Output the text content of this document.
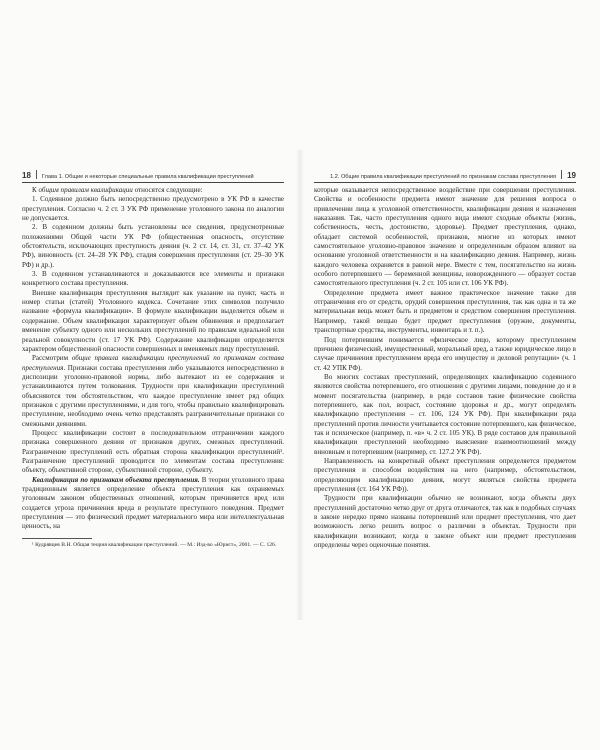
18 Глава 1. Общие и некоторые специальные правила квалификации преступлений

К общим правилам квалификации относятся следующие:

1. Содеянное должно быть непосредственно предусмотрено в УК РФ в качестве преступления. Согласно ч. 2 ст. 3 УК РФ применение уголовного закона по аналогии не допускается.

2. В содеянном должны быть установлены все сведения, предусмотренные положениями Общей части УК РФ (общественная опасность, отсутствие обстоятельств, исключающих преступность деяния (ч. 2 ст. 14, ст. 31, ст. 37–42 УК РФ), виновность (ст. 24–28 УК РФ), стадия совершения преступления (ст. 29–30 УК РФ) и др.).

3. В содеянном устанавливаются и доказываются все элементы и признаки конкретного состава преступления.

Внешне квалификация преступления выглядит как указание на пункт, часть и номер статьи (статей) Уголовного кодекса. Сочетание этих символов получило название «формула квалификации». В формуле квалификации выделяется объем и содержание. Объем квалификации характеризует объем обвинения и предполагает вменение субъекту одного или нескольких преступлений по правилам идеальной или реальной совокупности (ст. 17 УК РФ). Содержание квалификации определяется характером общественной опасности совершенных и вменяемых лицу преступлений.

Рассмотрим общие правила квалификации преступлений по признакам состава преступления. Признаки состава преступления либо указываются непосредственно в диспозиции уголовно-правовой нормы, либо вытекают из ее содержания и устанавливаются путем толкования. Трудности при квалификации преступлений объясняются тем обстоятельством, что каждое преступление имеет ряд общих признаков с другими преступлениями, и для того, чтобы правильно квалифицировать преступление, необходимо очень четко представлять разграничительные признаки со смежными деяниями.

Процесс квалификации состоит в последовательном отграничении каждого признака совершенного деяния от признаков других, смежных преступлений. Разграничение преступлений есть обратная сторона квалификации преступлений¹. Разграничение преступлений проводится по элементам состава преступления: объекту, объективной стороне, субъективной стороне, субъекту.

Квалификация по признакам объекта преступления. В теории уголовного права традиционным является определение объекта преступления как охраняемых уголовным законом общественных отношений, которым причиняется вред или создается угроза причинения вреда в результате преступного поведения. Предмет преступления — это физический предмет материального мира или интеллектуальная ценность, на

¹ Кудрявцев В.Н. Общая теория квалификации преступлений. — М.: Изд-во «Юрист», 2001. — С. 126.

1.2. Общие правила квалификации преступлений по признакам состава преступления 19

которые оказывается непосредственное воздействие при совершении преступления. Свойства и особенности предмета имеют значение для решения вопроса о привлечении лица к уголовной ответственности, квалификации деяния и назначения наказания. Так, часто преступления одного вида имеют сходные объекты (жизнь, собственность, честь, достоинство, здоровье). Предмет преступления, однако, обладает системой особенностей, признаков, многие из которых имеют самостоятельное уголовно-правовое значение и определенным образом влияют на основание уголовной ответственности и на квалификацию деяния. Например, жизнь каждого человека охраняется в равной мере. Вместе с тем, посягательство на жизнь особого потерпевшего — беременной женщины, новорожденного — образует состав самостоятельного преступления (ч. 2 ст. 105 или ст. 106 УК РФ).

Определение предмета имеет важное практическое значение также для отграничения его от средств, орудий совершения преступления, так как одна и та же материальная вещь может быть и предметом и средством совершения преступления. Например, такой вещью будет предмет преступления (оружие, документы, транспортные средства, инструменты, инвентарь и т. п.).

Под потерпевшим понимается «физическое лицо, которому преступлением причинен физический, имущественный, моральный вред, а также юридическое лицо в случае причинения преступлением вреда его имуществу и деловой репутации» (ч. 1 ст. 42 УПК РФ).

Во многих составах преступлений, определяющих квалификацию содеянного являются свойства потерпевшего, его отношения с другими лицами, поведение до и в момент посягательства (например, в ряде составов такие физические свойства потерпевшего, как пол, возраст, состояние здоровья и др., могут определять квалификацию преступления – ст. 106, 124 УК РФ). При квалификации ряда преступлений против личности учитывается состояние потерпевшего, как физическое, так и психическое (например, п. «в» ч. 2 ст. 105 УК). В ряде составов для правильной квалификации преступлений необходимо выяснение взаимоотношений между виновным и потерпевшим (например, ст. 127.2 УК РФ).

Направленность на конкретный объект преступления определяется предметом преступления и способом воздействия на него (например, обстоятельством, определяющим квалификацию деяния, могут являться свойства предмета преступления (ст. 164 УК РФ)).

Трудности при квалификации обычно не возникают, когда объекты двух преступлений достаточно четко друг от друга отличаются, так как в подобных случаях в законе нередко прямо названы потерпевший или предмет преступления, что дает возможность легко решить вопрос о различии в объектах. Трудности при квалификации возникают, когда в законе объект или предмет преступления определены через оценочные понятия.
